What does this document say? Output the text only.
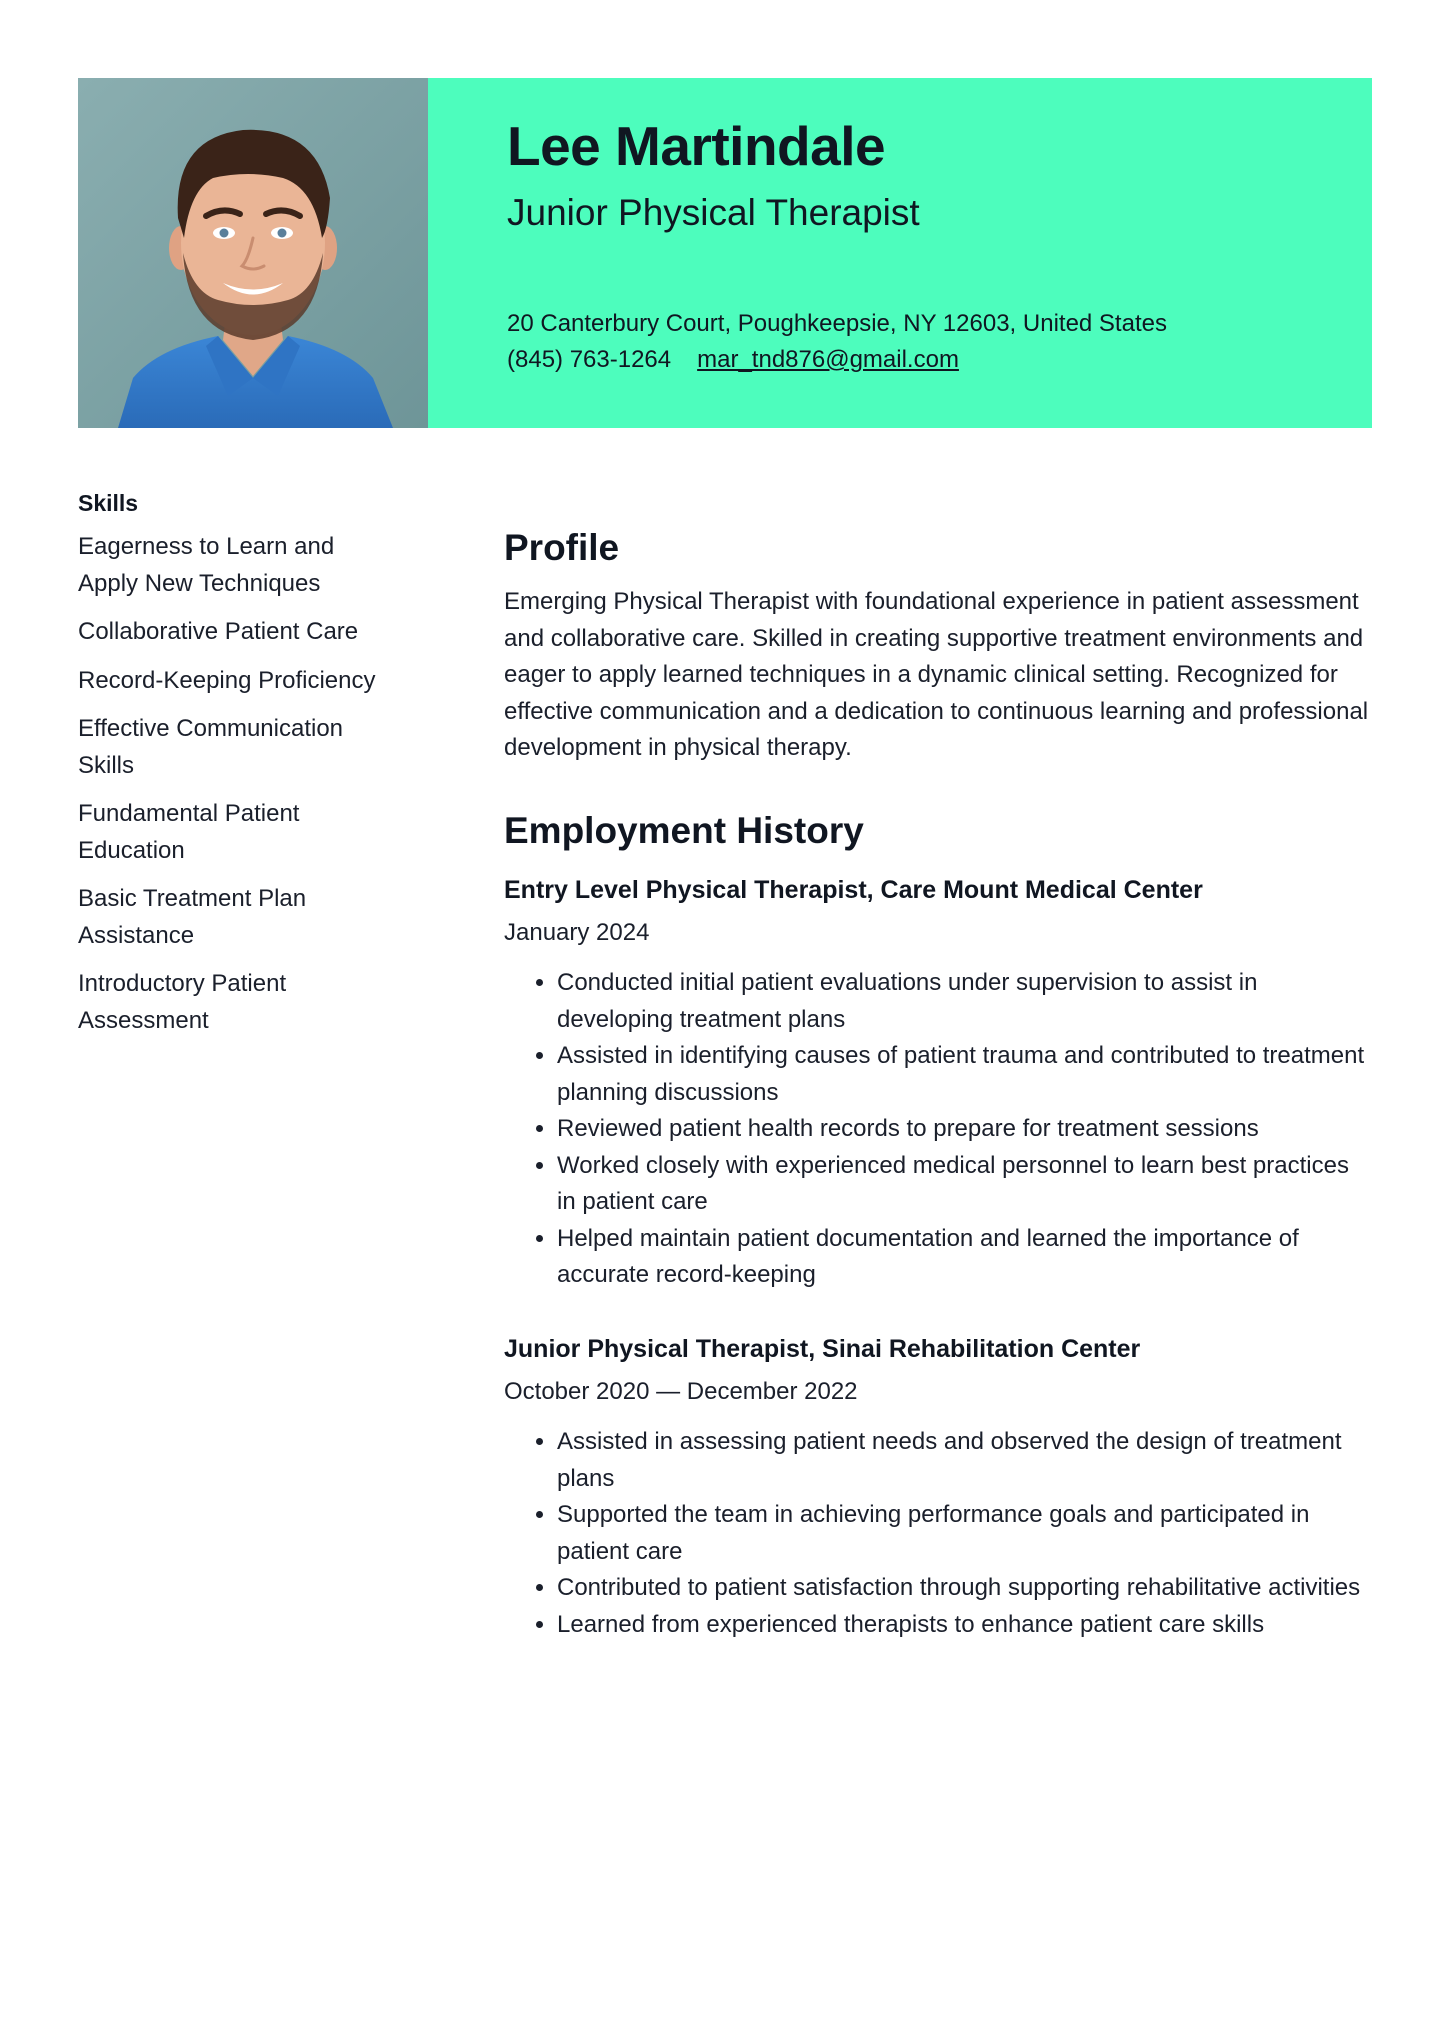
Lee Martindale
Junior Physical Therapist
20 Canterbury Court, Poughkeepsie, NY 12603, United States
(845) 763-1264 mar_tnd876@gmail.com
Skills
Eagerness to Learn and Apply New Techniques
Collaborative Patient Care
Record-Keeping Proficiency
Effective Communication Skills
Fundamental Patient Education
Basic Treatment Plan Assistance
Introductory Patient Assessment
Profile

Emerging Physical Therapist with foundational experience in patient assessment and collaborative care. Skilled in creating supportive treatment environments and eager to apply learned techniques in a dynamic clinical setting. Recognized for effective communication and a dedication to continuous learning and professional development in physical therapy.

Employment History
Entry Level Physical Therapist, Care Mount Medical Center

January 2024

• Conducted initial patient evaluations under supervision to assist in developing treatment plans
• Assisted in identifying causes of patient trauma and contributed to treatment planning discussions
• Reviewed patient health records to prepare for treatment sessions
• Worked closely with experienced medical personnel to learn best practices in patient care
• Helped maintain patient documentation and learned the importance of accurate record-keeping
Junior Physical Therapist, Sinai Rehabilitation Center

October 2020 — December 2022

• Assisted in assessing patient needs and observed the design of treatment plans
• Supported the team in achieving performance goals and participated in patient care
• Contributed to patient satisfaction through supporting rehabilitative activities
• Learned from experienced therapists to enhance patient care skills
